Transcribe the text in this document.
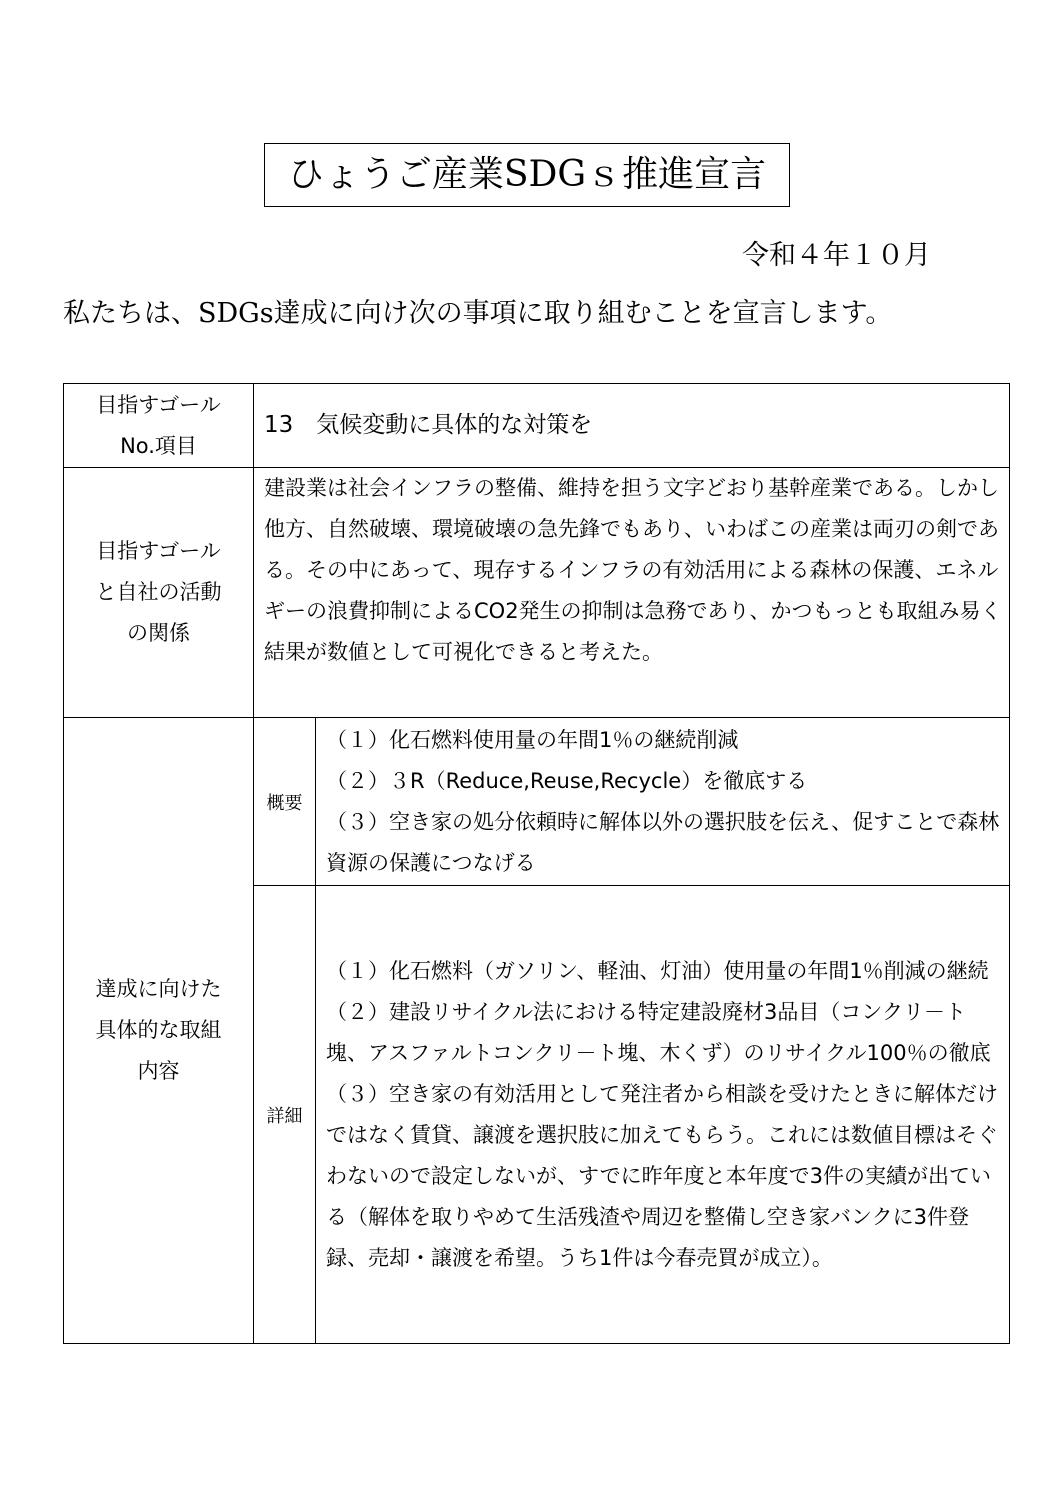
ひょうご産業SDGｓ推進宣言
令和４年１０月
私たちは、SDGs達成に向け次の事項に取り組むことを宣言します。
目指すゴール
No.項目	13　気候変動に具体的な対策を	

目指すゴール
と自社の活動
の関係	建設業は社会インフラの整備、維持を担う文字どおり基幹産業である。しかし他方、自然破壊、環境破壊の急先鋒でもあり、いわばこの産業は両刃の剣である。その中にあって、現存するインフラの有効活用による森林の保護、エネルギーの浪費抑制によるCO2発生の抑制は急務であり、かつもっとも取組み易く結果が数値として可視化できると考えた。	

達成に向けた
具体的な取組
内容	概要	（１）化石燃料使用量の年間1％の継続削減
（２）３R（Reduce,Reuse,Recycle）を徹底する
（３）空き家の処分依頼時に解体以外の選択肢を伝え、促すことで森林資源の保護につなげる

	詳細	（１）化石燃料（ガソリン、軽油、灯油）使用量の年間1％削減の継続
（２）建設リサイクル法における特定建設廃材3品目（コンクリ－ト塊、アスファルトコンクリ－ト塊、木くず）のリサイクル100％の徹底
（３）空き家の有効活用として発注者から相談を受けたときに解体だけではなく賃貸、譲渡を選択肢に加えてもらう。これには数値目標はそぐわないので設定しないが、すでに昨年度と本年度で3件の実績が出ている（解体を取りやめて生活残渣や周辺を整備し空き家バンクに3件登録、売却・譲渡を希望。うち1件は今春売買が成立）。
